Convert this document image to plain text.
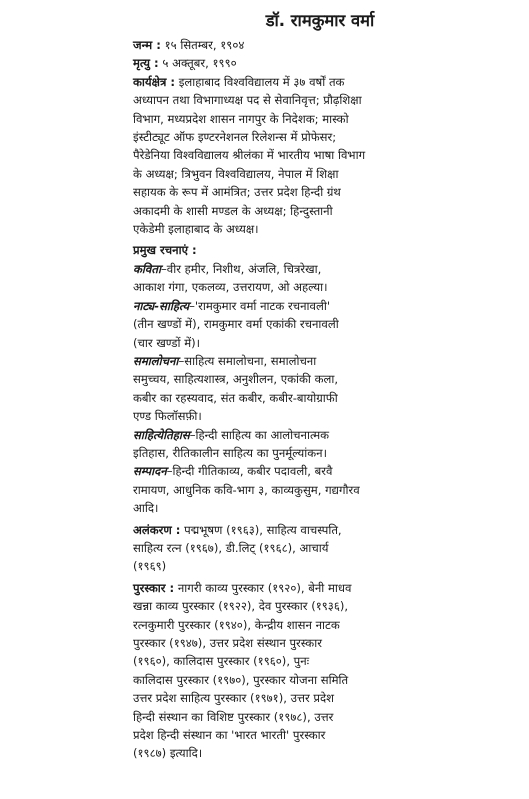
डॉ. रामकुमार वर्मा
जन्म : १५ सितम्बर, १९०४
मृत्यु : ५ अक्तूबर, १९९०
कार्यक्षेत्र : इलाहाबाद विश्वविद्यालय में ३७ वर्षों तक
अध्यापन तथा विभागाध्यक्ष पद से सेवानिवृत्त; प्रौढ़शिक्षा
विभाग, मध्यप्रदेश शासन नागपुर के निदेशक; मास्को
इंस्टीट्यूट ऑफ इण्टरनेशनल रिलेशन्स में प्रोफेसर;
पैरेडेनिया विश्वविद्यालय श्रीलंका में भारतीय भाषा विभाग
के अध्यक्ष; त्रिभुवन विश्वविद्यालय, नेपाल में शिक्षा
सहायक के रूप में आमंत्रित; उत्तर प्रदेश हिन्दी ग्रंथ
अकादमी के शासी मण्डल के अध्यक्ष; हिन्दुस्तानी
एकेडेमी इलाहाबाद के अध्यक्ष।
प्रमुख रचनाएं :
कविता–वीर हमीर, निशीथ, अंजलि, चित्ररेखा,
आकाश गंगा, एकलव्य, उत्तरायण, ओ अहल्या।
नाट्य-साहित्य–'रामकुमार वर्मा नाटक रचनावली'
(तीन खण्डों में), रामकुमार वर्मा एकांकी रचनावली
(चार खण्डों में)।
समालोचना–साहित्य समालोचना, समालोचना
समुच्चय, साहित्यशास्त्र, अनुशीलन, एकांकी कला,
कबीर का रहस्यवाद, संत कबीर, कबीर-बायोग्राफी
एण्ड फिलॉसफ़ी।
साहित्येतिहास–हिन्दी साहित्य का आलोचनात्मक
इतिहास, रीतिकालीन साहित्य का पुनर्मूल्यांकन।
सम्पादन–हिन्दी गीतिकाव्य, कबीर पदावली, बरवै
रामायण, आधुनिक कवि-भाग ३, काव्यकुसुम, गद्यगौरव
आदि।
अलंकरण : पद्मभूषण (१९६३), साहित्य वाचस्पति,
साहित्य रत्न (१९६७), डी.लिट् (१९६८), आचार्य
(१९६९)
पुरस्कार : नागरी काव्य पुरस्कार (१९२०), बेनी माधव
खन्ना काव्य पुरस्कार (१९२२), देव पुरस्कार (१९३६),
रत्नकुमारी पुरस्कार (१९४०), केन्द्रीय शासन नाटक
पुरस्कार (१९४७), उत्तर प्रदेश संस्थान पुरस्कार
(१९६०), कालिदास पुरस्कार (१९६०), पुनः
कालिदास पुरस्कार (१९७०), पुरस्कार योजना समिति
उत्तर प्रदेश साहित्य पुरस्कार (१९७१), उत्तर प्रदेश
हिन्दी संस्थान का विशिष्ट पुरस्कार (१९७८), उत्तर
प्रदेश हिन्दी संस्थान का 'भारत भारती' पुरस्कार
(१९८७) इत्यादि।
